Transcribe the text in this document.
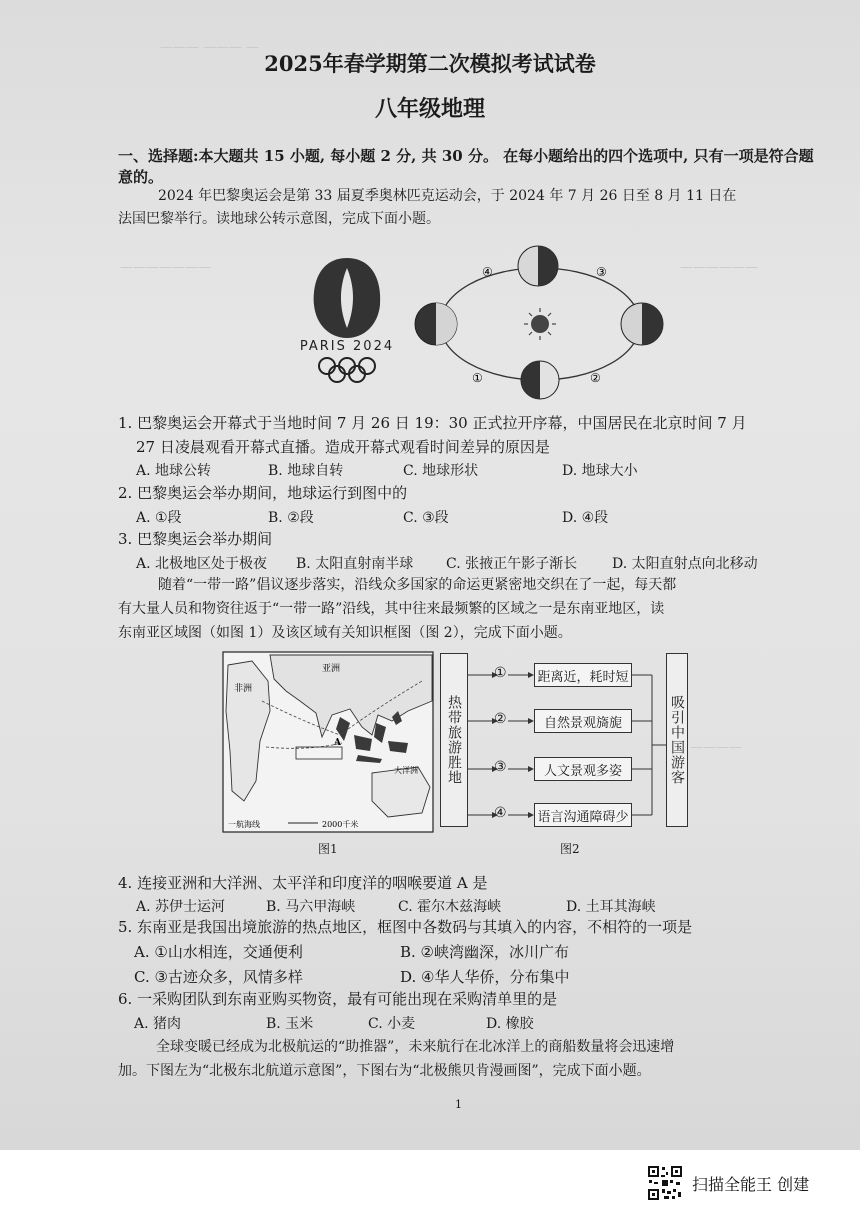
——— ——— —
———————	——————
————
2025年春学期第二次模拟考试试卷
八年级地理
一、选择题:本大题共 15 小题, 每小题 2 分, 共 30 分。 在每小题给出的四个选项中, 只有一项是符合题意的。
2024 年巴黎奥运会是第 33 届夏季奥林匹克运动会，于 2024 年 7 月 26 日至 8 月 11 日在
法国巴黎举行。读地球公转示意图，完成下面小题。
PARIS 2024
④	③
①	②
1. 巴黎奥运会开幕式于当地时间 7 月 26 日 19：30 正式拉开序幕，中国居民在北京时间 7 月
27 日凌晨观看开幕式直播。造成开幕式观看时间差异的原因是
A. 地球公转	B. 地球自转	C. 地球形状	D. 地球大小
2. 巴黎奥运会举办期间，地球运行到图中的
A. ①段	B. ②段	C. ③段	D. ④段
3. 巴黎奥运会举办期间
A. 北极地区处于极夜 B. 太阳直射南半球 C. 张掖正午影子渐长 D. 太阳直射点向北移动
随着“一带一路”倡议逐步落实，沿线众多国家的命运更紧密地交织在了一起，每天都
有大量人员和物资往返于“一带一路”沿线，其中往来最频繁的区域之一是东南亚地区，读
东南亚区域图（如图 1）及该区域有关知识框图（图 2），完成下面小题。
亚洲
非洲
大洋洲
A
一航海线	2000千米
图1
热带旅游胜地
①
②
③
④
距离近，耗时短
自然景观旖旎
人文景观多姿
语言沟通障碍少
吸引中国游客
图2
4. 连接亚洲和大洋洲、太平洋和印度洋的咽喉要道 A 是
A. 苏伊士运河	B. 马六甲海峡	C. 霍尔木兹海峡	D. 土耳其海峡
5. 东南亚是我国出境旅游的热点地区，框图中各数码与其填入的内容，不相符的一项是
A. ①山水相连，交通便利	B. ②峡湾幽深，冰川广布
C. ③古迹众多，风情多样	D. ④华人华侨，分布集中
6. 一采购团队到东南亚购买物资，最有可能出现在采购清单里的是
A. 猪肉	B. 玉米	C. 小麦	D. 橡胶
全球变暖已经成为北极航运的“助推器”，未来航行在北冰洋上的商船数量将会迅速增
加。下图左为“北极东北航道示意图”，下图右为“北极熊贝肯漫画图”，完成下面小题。
1
扫描全能王 创建
